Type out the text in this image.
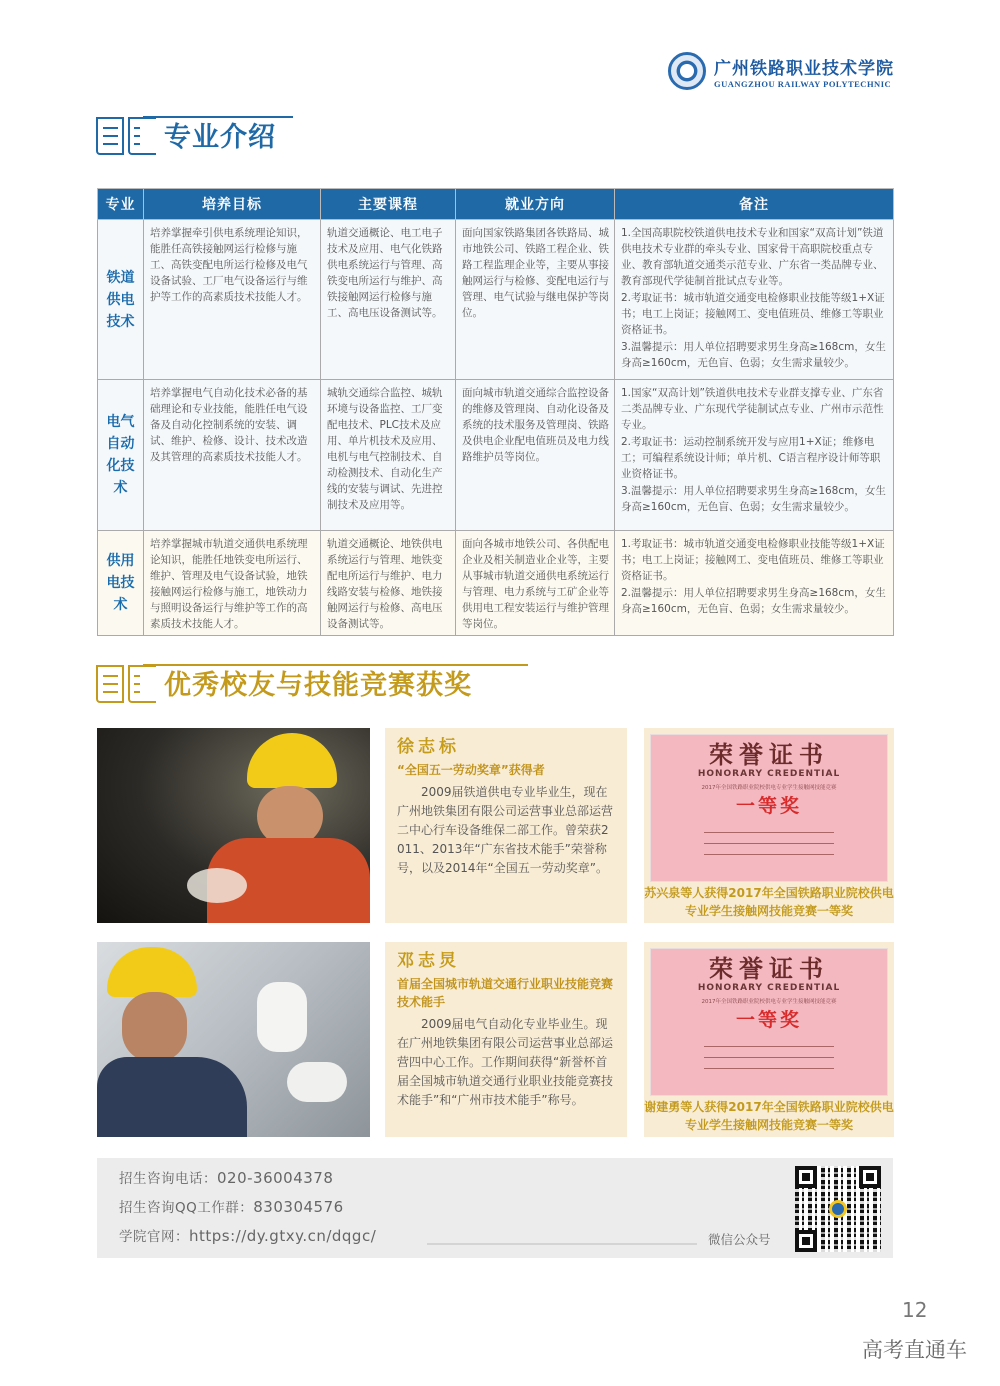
广州铁路职业技术学院
GUANGZHOU RAILWAY POLYTECHNIC
专业介绍
专业	培养目标	主要课程	就业方向	备注
铁道供电技术	培养掌握牵引供电系统理论知识，能胜任高铁接触网运行检修与施工、高铁变配电所运行检修及电气设备试验、工厂电气设备运行与维护等工作的高素质技术技能人才。	轨道交通概论、电工电子技术及应用、电气化铁路供电系统运行与管理、高铁变电所运行与维护、高铁接触网运行检修与施工、高电压设备测试等。	面向国家铁路集团各铁路局、城市地铁公司、铁路工程企业、铁路工程监理企业等，主要从事接触网运行与检修、变配电运行与管理、电气试验与继电保护等岗位。	1.全国高职院校铁道供电技术专业和国家“双高计划”铁道供电技术专业群的牵头专业、国家骨干高职院校重点专业、教育部轨道交通类示范专业、广东省一类品牌专业、教育部现代学徒制首批试点专业等。

2.考取证书：城市轨道交通变电检修职业技能等级1+X证书；电工上岗证；接触网工、变电值班员、维修工等职业资格证书。

3.温馨提示：用人单位招聘要求男生身高≥168cm，女生身高≥160cm，无色盲、色弱；女生需求量较少。

电气自动化技术	培养掌握电气自动化技术必备的基础理论和专业技能，能胜任电气设备及自动化控制系统的安装、调试、维护、检修、设计、技术改造及其管理的高素质技术技能人才。	城轨交通综合监控、城轨环境与设备监控、工厂变配电技术、PLC技术及应用、单片机技术及应用、电机与电气控制技术、自动检测技术、自动化生产线的安装与调试、先进控制技术及应用等。	面向城市轨道交通综合监控设备的维修及管理岗、自动化设备及系统的技术服务及管理岗、铁路及供电企业配电值班员及电力线路维护员等岗位。	1.国家“双高计划”铁道供电技术专业群支撑专业、广东省二类品牌专业、广东现代学徒制试点专业、广州市示范性专业。

2.考取证书：运动控制系统开发与应用1+X证；维修电工；可编程系统设计师；单片机、C语言程序设计师等职业资格证书。

3.温馨提示：用人单位招聘要求男生身高≥168cm，女生身高≥160cm，无色盲、色弱；女生需求量较少。

供用电技术	培养掌握城市轨道交通供电系统理论知识，能胜任地铁变电所运行、维护、管理及电气设备试验，地铁接触网运行检修与施工，地铁动力与照明设备运行与维护等工作的高素质技术技能人才。	轨道交通概论、地铁供电系统运行与管理、地铁变配电所运行与维护、电力线路安装与检修、地铁接触网运行与检修、高电压设备测试等。	面向各城市地铁公司、各供配电企业及相关制造业企业等，主要从事城市轨道交通供电系统运行与管理、电力系统与工矿企业等供用电工程安装运行与维护管理等岗位。	1.考取证书：城市轨道交通变电检修职业技能等级1+X证书；电工上岗证；接触网工、变电值班员、维修工等职业资格证书。

2.温馨提示：用人单位招聘要求男生身高≥168cm，女生身高≥160cm，无色盲、色弱；女生需求量较少。

优秀校友与技能竞赛获奖
徐志标
“全国五一劳动奖章”获得者
2009届铁道供电专业毕业生，现在广州地铁集团有限公司运营事业总部运营二中心行车设备维保二部工作。曾荣获2011、2013年“广东省技术能手”荣誉称号，以及2014年“全国五一劳动奖章”。
荣誉证书
HONORARY CREDENTIAL
2017年全国铁路职业院校供电专业学生接触网技能竞赛
一等奖
苏兴泉等人获得2017年全国铁路职业院校供电专业学生接触网技能竞赛一等奖
邓志炅
首届全国城市轨道交通行业职业技能竞赛技术能手
2009届电气自动化专业毕业生。现在广州地铁集团有限公司运营事业总部运营四中心工作。工作期间获得“新誉杯首届全国城市轨道交通行业职业技能竞赛技术能手”和“广州市技术能手”称号。
荣誉证书
HONORARY CREDENTIAL
2017年全国铁路职业院校供电专业学生接触网技能竞赛
一等奖
谢建勇等人获得2017年全国铁路职业院校供电专业学生接触网技能竞赛一等奖
招生咨询电话：020-36004378
招生咨询QQ工作群：830304576
学院官网：https://dy.gtxy.cn/dqgc/	微信公众号
12
高考直通车
